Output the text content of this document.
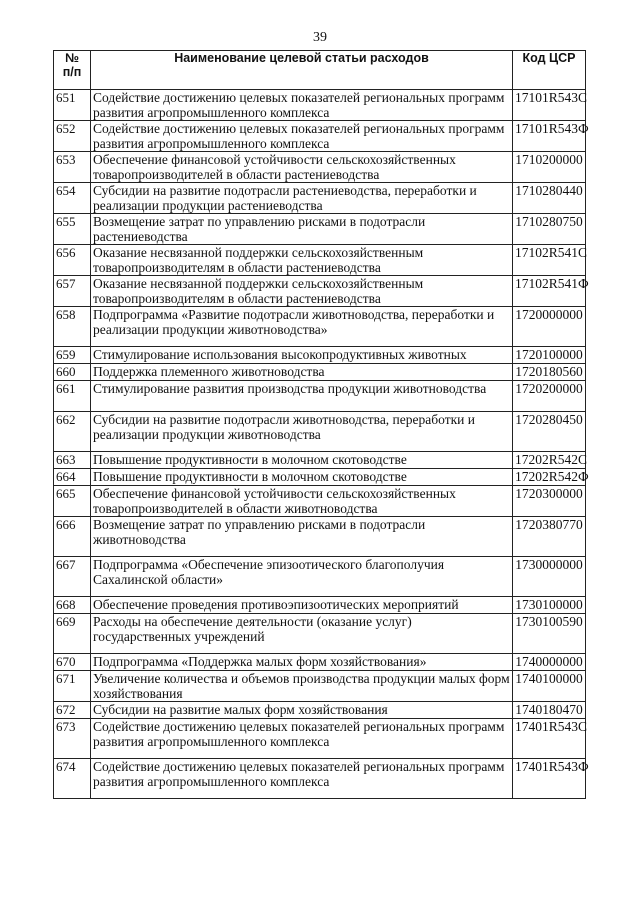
39
№
п/п	Наименование целевой статьи расходов	Код ЦСР
651	Содействие достижению целевых показателей региональных программ развития агропромышленного комплекса	17101R543C
652	Содействие достижению целевых показателей региональных программ развития агропромышленного комплекса	17101R543Ф
653	Обеспечение финансовой устойчивости сельскохозяйственных товаропроизводителей в области растениеводства	1710200000
654	Субсидии на развитие подотрасли растениеводства, переработки и реализации продукции растениеводства	1710280440
655	Возмещение затрат по управлению рисками в подотрасли растениеводства	1710280750
656	Оказание несвязанной поддержки сельскохозяйственным товаропроизводителям в области растениеводства	17102R541C
657	Оказание несвязанной поддержки сельскохозяйственным товаропроизводителям в области растениеводства	17102R541Ф
658	Подпрограмма «Развитие подотрасли животноводства, переработки и реализации продукции животноводства»	1720000000
659	Стимулирование использования высокопродуктивных животных	1720100000
660	Поддержка племенного животноводства	1720180560
661	Стимулирование развития производства продукции животноводства	1720200000
662	Субсидии на развитие подотрасли животноводства, переработки и реализации продукции животноводства	1720280450
663	Повышение продуктивности в молочном скотоводстве	17202R542C
664	Повышение продуктивности в молочном скотоводстве	17202R542Ф
665	Обеспечение финансовой устойчивости сельскохозяйственных товаропроизводителей в области животноводства	1720300000
666	Возмещение затрат по управлению рисками в подотрасли животноводства	1720380770
667	Подпрограмма «Обеспечение эпизоотического благополучия Сахалинской области»	1730000000
668	Обеспечение проведения противоэпизоотических мероприятий	1730100000
669	Расходы на обеспечение деятельности (оказание услуг) государственных учреждений	1730100590
670	Подпрограмма «Поддержка малых форм хозяйствования»	1740000000
671	Увеличение количества и объемов производства продукции малых форм хозяйствования	1740100000
672	Субсидии на развитие малых форм хозяйствования	1740180470
673	Содействие достижению целевых показателей региональных программ развития агропромышленного комплекса	17401R543C
674	Содействие достижению целевых показателей региональных программ развития агропромышленного комплекса	17401R543Ф
